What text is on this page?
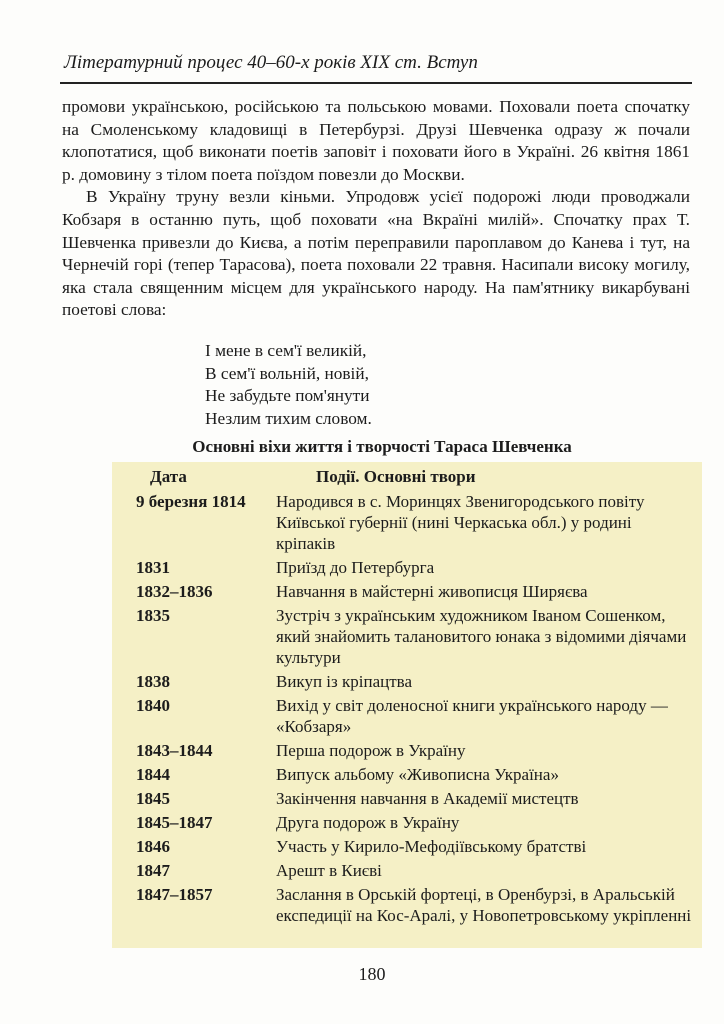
Літературний процес 40–60-х років XIX ст. Вступ

промови українською, російською та польською мовами. Поховали поета спочатку на Смоленському кладовищі в Петербурзі. Друзі Шевченка одразу ж почали клопотатися, щоб виконати поетів заповіт і поховати його в Україні. 26 квітня 1861 р. домовину з тілом поета поїздом повезли до Москви.

В Україну труну везли кіньми. Упродовж усієї подорожі люди проводжали Кобзаря в останню путь, щоб поховати «на Вкраїні милій». Спочатку прах Т. Шевченка привезли до Києва, а потім переправили пароплавом до Канева і тут, на Чернечій горі (тепер Тарасова), поета поховали 22 травня. Насипали високу могилу, яка стала священним місцем для українського народу. На пам'ятнику викарбувані поетові слова:

І мене в сем'ї великій,
В сем'ї вольній, новій,
Не забудьте пом'янути
Незлим тихим словом.
Основні віхи життя і творчості Тараса Шевченка
Дата	Події. Основні твори
9 березня 1814	Народився в с. Моринцях Звенигородського повіту Київської губернії (нині Черкаська обл.) у родині кріпаків
1831	Приїзд до Петербурга
1832–1836	Навчання в майстерні живописця Ширяєва
1835	Зустріч з українським художником Іваном Сошенком, який знайомить талановитого юнака з відомими діячами культури
1838	Викуп із кріпацтва
1840	Вихід у світ доленосної книги українського народу — «Кобзаря»
1843–1844	Перша подорож в Україну
1844	Випуск альбому «Живописна Україна»
1845	Закінчення навчання в Академії мистецтв
1845–1847	Друга подорож в Україну
1846	Участь у Кирило-Мефодіївському братстві
1847	Арешт в Києві
1847–1857	Заслання в Орській фортеці, в Оренбурзі, в Аральській експедиції на Кос-Аралі, у Новопетровському укріпленні
180
